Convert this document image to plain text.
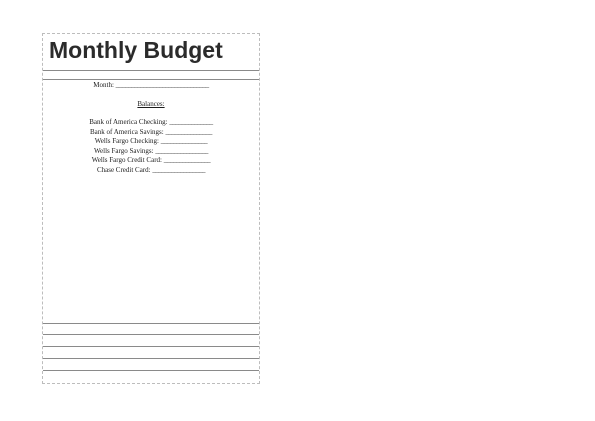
Monthly Budget
Month: ______________________________
Balances:
Bank of America Checking: ______________
Bank of America Savings: _______________
Wells Fargo Checking: _______________
Wells Fargo Savings: _________________
Wells Fargo Credit Card: _______________
Chase Credit Card: _________________
